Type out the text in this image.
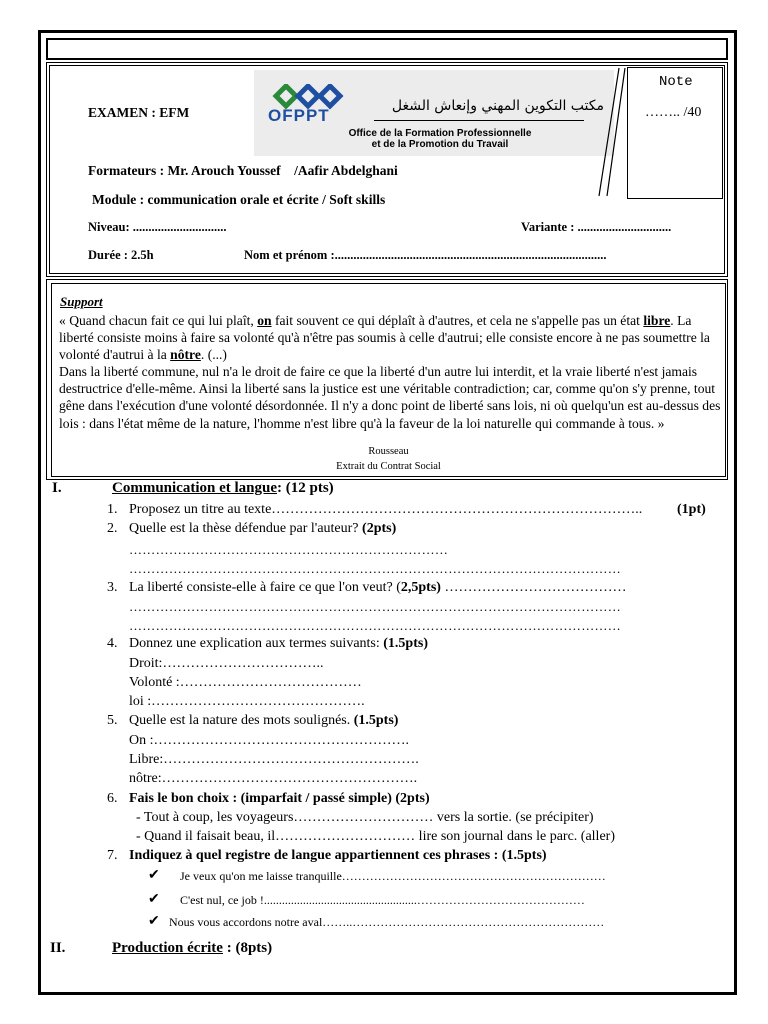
EXAMEN : EFM	OFPPT	مكتب التكوين المهني وإنعاش الشغل
Office de la Formation Professionnelle
et de la Promotion du Travail
Note
…….. /40
Formateurs : Mr. Arouch Youssef    /Aafir Abdelghani
Module : communication orale et écrite / Soft skills
Niveau: ..............................	Variante : ..............................
Durée : 2.5h	Nom et prénom :.......................................................................................
Support

« Quand chacun fait ce qui lui plaît, on fait souvent ce qui déplaît à d'autres, et cela ne s'appelle pas un état libre. La liberté consiste moins à faire sa volonté qu'à n'être pas soumis à celle d'autrui; elle consiste encore à ne pas soumettre la volonté d'autrui à la nôtre. (...)

Dans la liberté commune, nul n'a le droit de faire ce que la liberté d'un autre lui interdit, et la vraie liberté n'est jamais destructrice d'elle-même. Ainsi la liberté sans la justice est une véritable contradiction; car, comme qu'on s'y prenne, tout gêne dans l'exécution d'une volonté désordonnée. Il n'y a donc point de liberté sans lois, ni où quelqu'un est au-dessus des lois : dans l'état même de la nature, l'homme n'est libre qu'à la faveur de la loi naturelle qui commande à tous. »

Rousseau
Extrait du Contrat Social
I.	Communication et langue: (12 pts)
1. Proposez un titre au texte…………………………………………………………………….. (1pt)
2. Quelle est la thèse défendue par l'auteur? (2pts)
………………………………………………………………
…………………………………………………………………………………………………
3. La liberté consiste-elle à faire ce que l'on veut? (2,5pts) …………………………………
…………………………………………………………………………………………………
…………………………………………………………………………………………………
4. Donnez une explication aux termes suivants: (1.5pts)
Droit:……………………………..
Volonté :…………………………………
loi :……………………………………….
5. Quelle est la nature des mots soulignés. (1.5pts)
On :……………………………………………….
Libre:……………………………………………….
nôtre:……………………………………………….
6. Fais le bon choix : (imparfait / passé simple) (2pts)
- Tout à coup, les voyageurs………………………… vers la sortie. (se précipiter)
- Quand il faisait beau, il………………………… lire son journal dans le parc. (aller)
7. Indiquez à quel registre de langue appartiennent ces phrases : (1.5pts)
✔ Je veux qu'on me laisse tranquille…………………………………………………………
✔ C'est nul, ce job !...................................................……………………………………
✔ Nous vous accordons notre aval……..………………………………………………………
II.	Production écrite : (8pts)
